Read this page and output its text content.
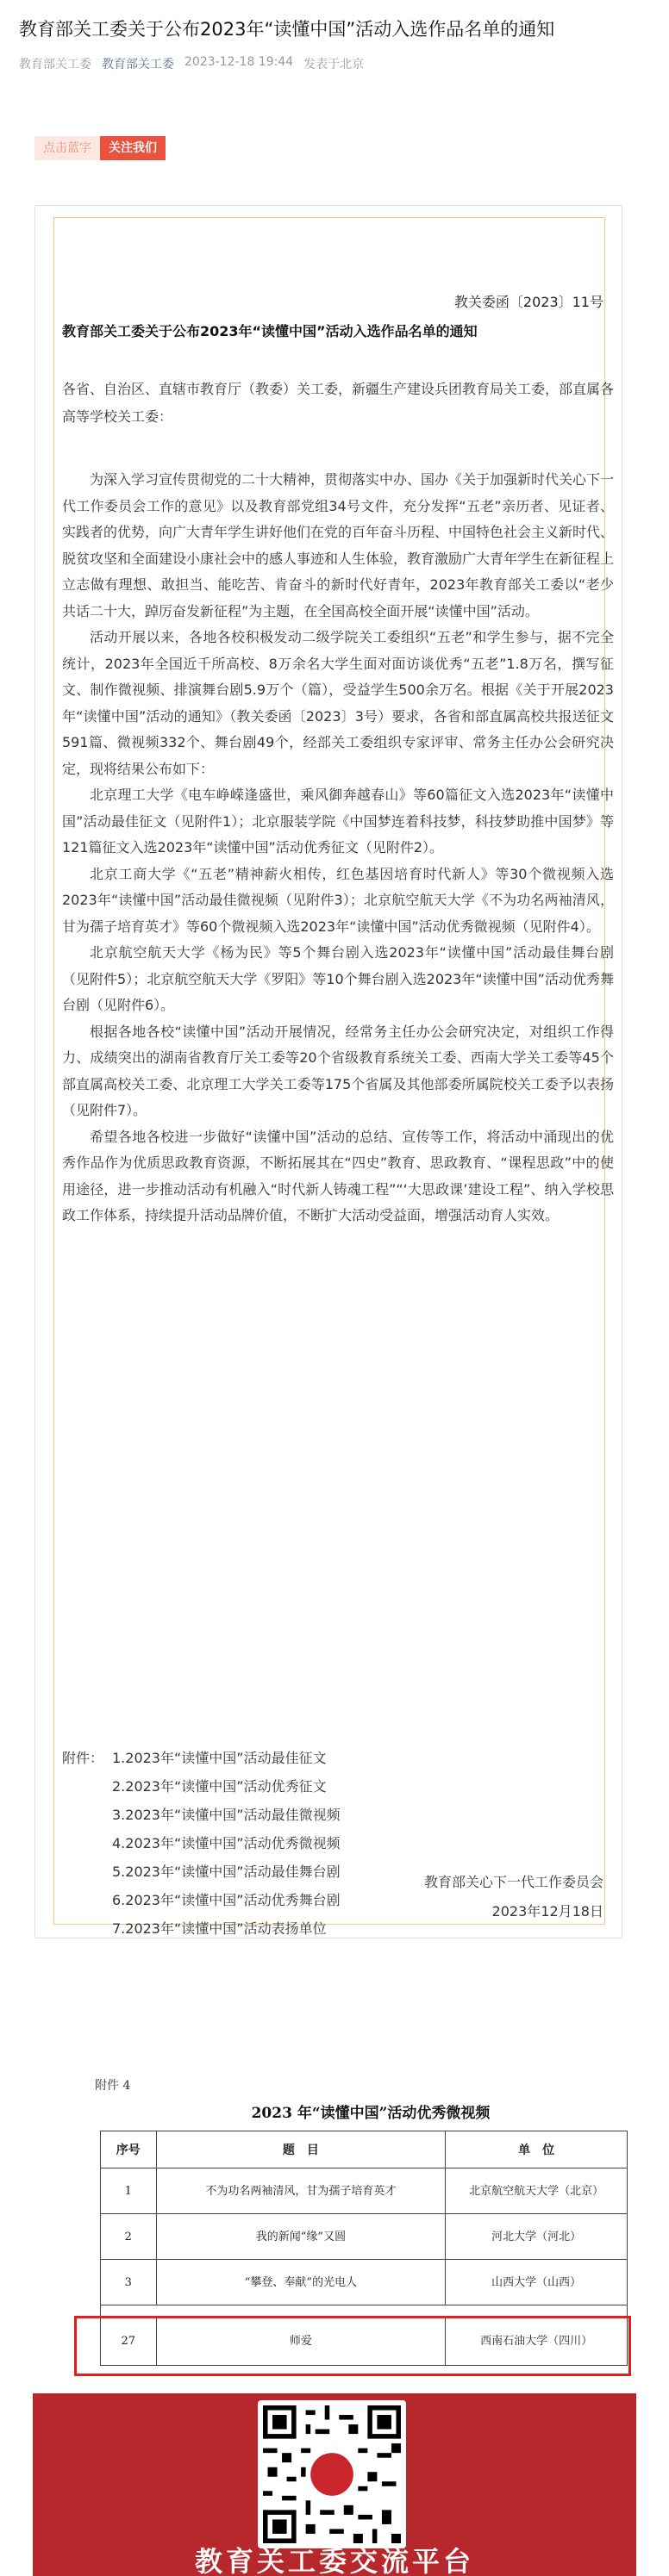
教育部关工委关于公布2023年“读懂中国”活动入选作品名单的通知
教育部关工委 教育部关工委 2023-12-18 19:44 发表于北京
点击蓝字	关注我们
教关委函〔2023〕11号
教育部关工委关于公布2023年“读懂中国”活动入选作品名单的通知
各省、自治区、直辖市教育厅（教委）关工委，新疆生产建设兵团教育局关工委，部直属各高等学校关工委：

为深入学习宣传贯彻党的二十大精神，贯彻落实中办、国办《关于加强新时代关心下一代工作委员会工作的意见》以及教育部党组34号文件，充分发挥“五老”亲历者、见证者、实践者的优势，向广大青年学生讲好他们在党的百年奋斗历程、中国特色社会主义新时代、脱贫攻坚和全面建设小康社会中的感人事迹和人生体验，教育激励广大青年学生在新征程上立志做有理想、敢担当、能吃苦、肯奋斗的新时代好青年，2023年教育部关工委以“老少共话二十大，踔厉奋发新征程”为主题，在全国高校全面开展“读懂中国”活动。

活动开展以来，各地各校积极发动二级学院关工委组织“五老”和学生参与，据不完全统计，2023年全国近千所高校、8万余名大学生面对面访谈优秀“五老”1.8万名，撰写征文、制作微视频、排演舞台剧5.9万个（篇），受益学生500余万名。根据《关于开展2023年“读懂中国”活动的通知》（教关委函〔2023〕3号）要求，各省和部直属高校共报送征文591篇、微视频332个、舞台剧49个，经部关工委组织专家评审、常务主任办公会研究决定，现将结果公布如下：

北京理工大学《电车峥嵘逢盛世，乘风御奔越春山》等60篇征文入选2023年“读懂中国”活动最佳征文（见附件1）；北京服装学院《中国梦连着科技梦，科技梦助推中国梦》等121篇征文入选2023年“读懂中国”活动优秀征文（见附件2）。

北京工商大学《“五老”精神薪火相传，红色基因培育时代新人》等30个微视频入选2023年“读懂中国”活动最佳微视频（见附件3）；北京航空航天大学《不为功名两袖清风，甘为孺子培育英才》等60个微视频入选2023年“读懂中国”活动优秀微视频（见附件4）。

北京航空航天大学《杨为民》等5个舞台剧入选2023年“读懂中国”活动最佳舞台剧（见附件5）；北京航空航天大学《罗阳》等10个舞台剧入选2023年“读懂中国”活动优秀舞台剧（见附件6）。

根据各地各校“读懂中国”活动开展情况，经常务主任办公会研究决定，对组织工作得力、成绩突出的湖南省教育厅关工委等20个省级教育系统关工委、西南大学关工委等45个部直属高校关工委、北京理工大学关工委等175个省属及其他部委所属院校关工委予以表扬（见附件7）。

希望各地各校进一步做好“读懂中国”活动的总结、宣传等工作，将活动中涌现出的优秀作品作为优质思政教育资源，不断拓展其在“四史”教育、思政教育、“课程思政”中的使用途径，进一步推动活动有机融入“时代新人铸魂工程”“‘大思政课’建设工程”、纳入学校思政工作体系，持续提升活动品牌价值，不断扩大活动受益面，增强活动育人实效。

附件： 1.2023年“读懂中国”活动最佳征文
2.2023年“读懂中国”活动优秀征文
3.2023年“读懂中国”活动最佳微视频
4.2023年“读懂中国”活动优秀微视频
5.2023年“读懂中国”活动最佳舞台剧
6.2023年“读懂中国”活动优秀舞台剧
7.2023年“读懂中国”活动表扬单位
教育部关心下一代工作委员会
2023年12月18日
附件 4
2023 年“读懂中国”活动优秀微视频
序号	题　目	单　位
1	不为功名两袖清风，甘为孺子培育英才	北京航空航天大学（北京）
2	我的新闻“缘”又圆	河北大学（河北）
3	“攀登、奉献”的光电人	山西大学（山西）

27	师爱	西南石油大学（四川）
教育关工委交流平台
